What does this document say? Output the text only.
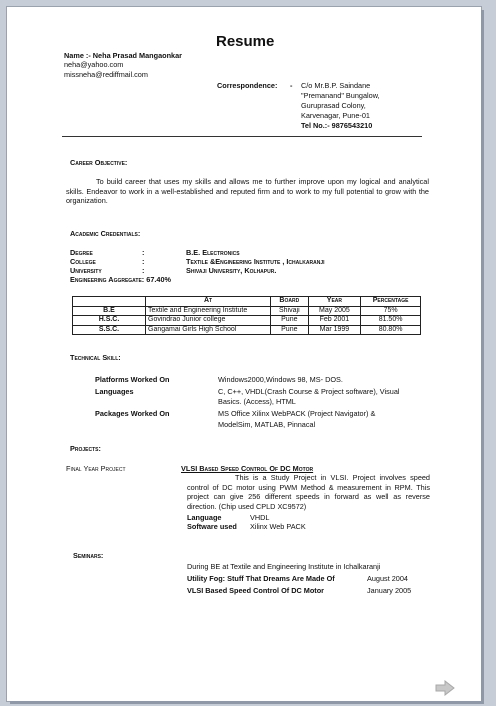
Resume
Name :- Neha Prasad Mangaonkar
neha@yahoo.com
missneha@rediffmail.com
Correspondence: - C/o Mr.B.P. Saindane
"Premanand" Bungalow,
Guruprasad Colony,
Karvenagar, Pune-01
Tel No.:- 9876543210
Career Objective:
To build career that uses my skills and allows me to further improve upon my logical and analytical skills. Endeavor to work in a well-established and reputed firm and to work to my full potential to grow with the organization.
Academic Credentials:
Degree	:	B.E. Electronics
College	:	Textile &Engineering Institute , Ichalkaranji
University	:	Shivaji University, Kolhapur.
Engineering Aggregate: 67.40%
	At	Board	Year	Percentage
B.E	Textile and Engineering Institute	Shivaji	May 2005	75%
H.S.C.	Govindrao Junior college	Pune	Feb 2001	81.50%
S.S.C.	Gangamai Girls High School	Pune	Mar 1999	80.80%
Technical Skill:
Platforms Worked On	Windows2000,Windows 98, MS- DOS.
Languages	C, C++, VHDL(Crash Course & Project software), Visual
Basics. (Access), HTML
Packages Worked On	MS Office Xilinx WebPACK (Project Navigator) &
ModelSim, MATLAB, Pinnacal
Projects:
Final Year Project	VLSI Based Speed Control Of DC Motor
This is a Study Project in VLSI. Project involves speed control of DC motor using PWM Method & measurement in RPM. This project can give 256 different speeds in forward as well as reverse direction. (Chip used CPLD XC9572)
Language	VHDL
Software used Xilinx Web PACK
Seminars:
During BE at Textile and Engineering Institute in Ichalkaranji
Utility Fog: Stuff That Dreams Are Made Of	August 2004
VLSI Based Speed Control Of DC Motor	January 2005
